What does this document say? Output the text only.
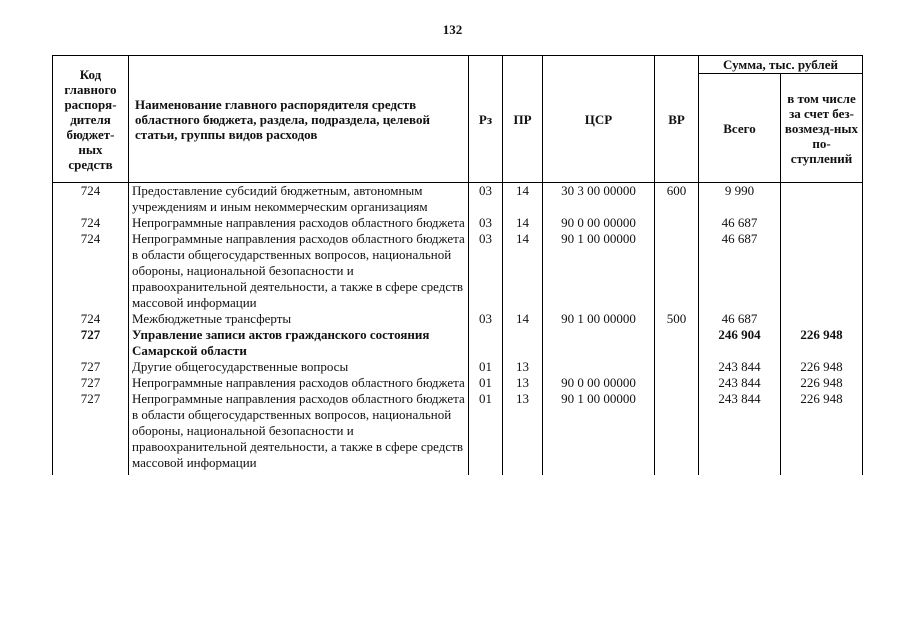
132
Код главного распоря-дителя бюджет-ных средств	Наименование главного распорядителя средств областного бюджета, раздела, подраздела, целевой статьи, группы видов расходов	Рз	ПР	ЦСР	ВР	Сумма, тыс. рублей	
						Всего	в том числе за счет без-возмезд-ных по-ступлений
724	Предоставление субсидий бюджетным, автономным учреждениям и иным некоммерческим организациям	03	14	30 3 00 00000	600	9 990	
724	Непрограммные направления расходов областного бюджета	03	14	90 0 00 00000		46 687	
724	Непрограммные направления расходов областного бюджета в области общегосударственных вопросов, национальной обороны, национальной безопасности и правоохранительной деятельности, а также в сфере средств массовой информации	03	14	90 1 00 00000		46 687	
724	Межбюджетные трансферты	03	14	90 1 00 00000	500	46 687	
727	Управление записи актов гражданского состояния Самарской области					246 904	226 948
727	Другие общегосударственные вопросы	01	13			243 844	226 948
727	Непрограммные направления расходов областного бюджета	01	13	90 0 00 00000		243 844	226 948
727	Непрограммные направления расходов областного бюджета в области общегосударственных вопросов, национальной обороны, национальной безопасности и правоохранительной деятельности, а также в сфере средств массовой информации	01	13	90 1 00 00000		243 844	226 948
